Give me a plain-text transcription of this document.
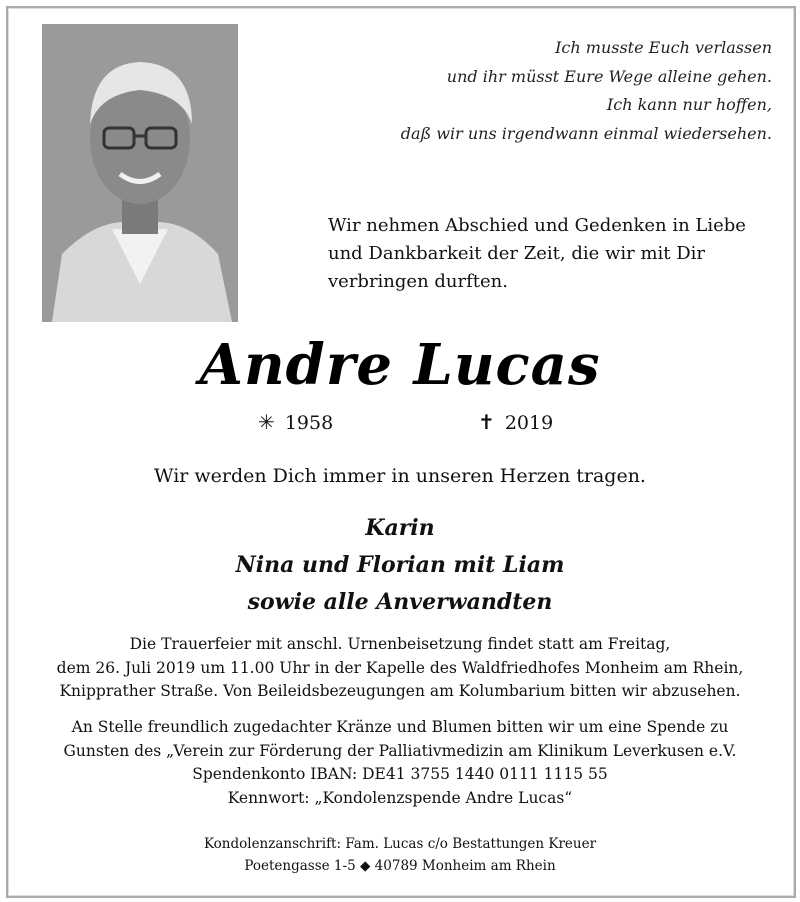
Ich musste Euch verlassen
und ihr müsst Eure Wege alleine gehen.
Ich kann nur hoffen,
daß wir uns irgendwann einmal wiedersehen.
Wir nehmen Abschied und Gedenken in Liebe
und Dankbarkeit der Zeit, die wir mit Dir
verbringen durften.
Andre Lucas
✳ 1958	✝ 2019
Wir werden Dich immer in unseren Herzen tragen.
Karin
Nina und Florian mit Liam
sowie alle Anverwandten
Die Trauerfeier mit anschl. Urnenbeisetzung findet statt am Freitag,
dem 26. Juli 2019 um 11.00 Uhr in der Kapelle des Waldfriedhofes Monheim am Rhein,
Knipprather Straße. Von Beileidsbezeugungen am Kolumbarium bitten wir abzusehen.
An Stelle freundlich zugedachter Kränze und Blumen bitten wir um eine Spende zu
Gunsten des „Verein zur Förderung der Palliativmedizin am Klinikum Leverkusen e.V.
Spendenkonto IBAN: DE41 3755 1440 0111 1115 55
Kennwort: „Kondolenzspende Andre Lucas“
Kondolenzanschrift: Fam. Lucas c/o Bestattungen Kreuer
Poetengasse 1-5 ◆ 40789 Monheim am Rhein
